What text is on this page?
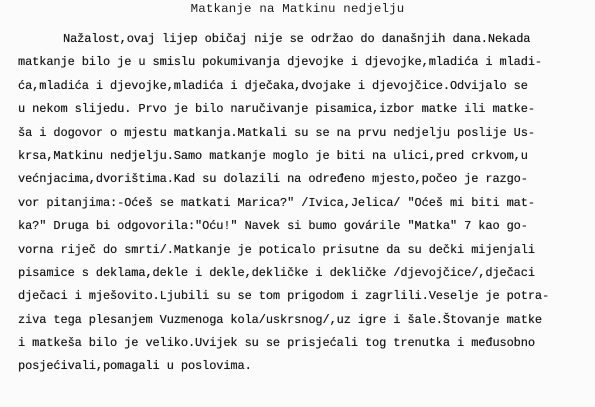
Matkanje na Matkinu nedjelju
Nažalost,ovaj lijep običaj nije se održao do današnjih dana.Nekada
matkanje bilo je u smislu pokumivanja djevojke i djevojke,mladića i mladi-
ća,mladića i djevojke,mladića i dječaka,dvojake i djevojčice.Odvijalo se
u nekom slijedu. Prvo je bilo naručivanje pisamica,izbor matke ili matke-
ša i dogovor o mjestu matkanja.Matkali su se na prvu nedjelju poslije Us-
krsa,Matkinu nedjelju.Samo matkanje moglo je biti na ulici,pred crkvom,u
većnjacima,dvorištima.Kad su dolazili na određeno mjesto,počeo je razgo-
vor pitanjima:-Oćeš se matkati Marica?" /Ivica,Jelica/ "Oćeš mi biti mat-
ka?" Druga bi odgovorila:"Oću!" Navek si bumo govárile "Matka" 7 kao go-
vorna riječ do smrti/.Matkanje je poticalo prisutne da su dečki mijenjali
pisamice s deklama,dekle i dekle,dekličke i dekličke /djevojčice/,dječaci
dječaci i mješovito.Ljubili su se tom prigodom i zagrlili.Veselje je potra-
ziva tega plesanjem Vuzmenoga kola/uskrsnog/,uz igre i šale.Štovanje matke
i matkeša bilo je veliko.Uvijek su se prisjećali tog trenutka i međusobno
posjećivali,pomagali u poslovima.
